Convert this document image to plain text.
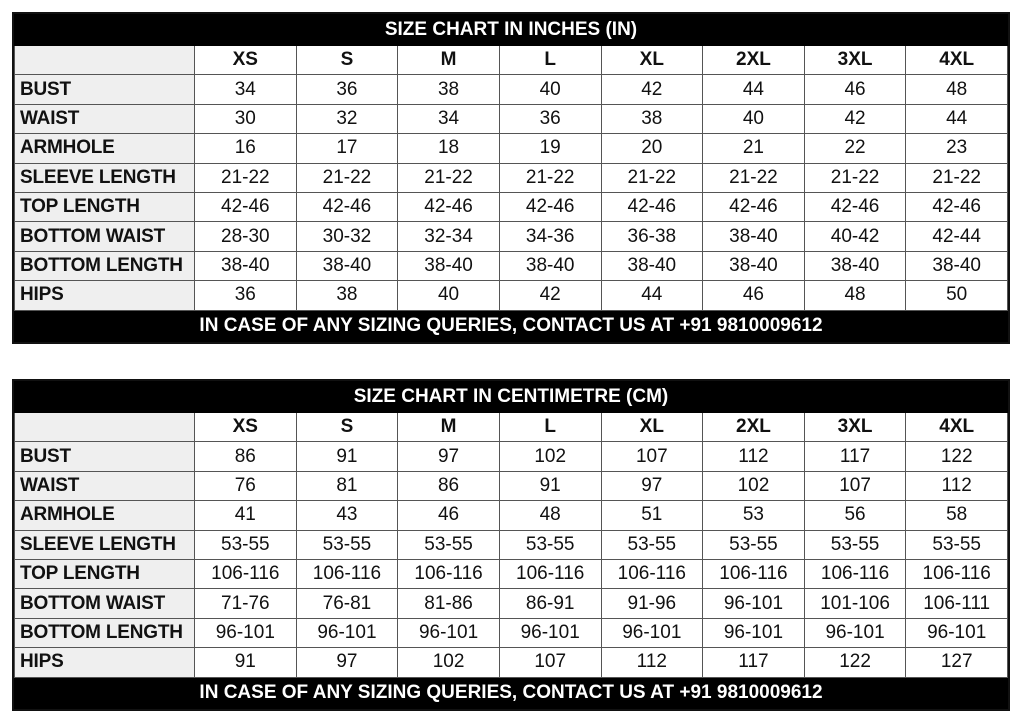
SIZE CHART IN INCHES (IN)								
	XS	S	M	L	XL	2XL	3XL	4XL
BUST	34	36	38	40	42	44	46	48
WAIST	30	32	34	36	38	40	42	44
ARMHOLE	16	17	18	19	20	21	22	23
SLEEVE LENGTH	21-22	21-22	21-22	21-22	21-22	21-22	21-22	21-22
TOP LENGTH	42-46	42-46	42-46	42-46	42-46	42-46	42-46	42-46
BOTTOM WAIST	28-30	30-32	32-34	34-36	36-38	38-40	40-42	42-44
BOTTOM LENGTH	38-40	38-40	38-40	38-40	38-40	38-40	38-40	38-40
HIPS	36	38	40	42	44	46	48	50
IN CASE OF ANY SIZING QUERIES, CONTACT US AT +91 9810009612								
SIZE CHART IN CENTIMETRE (CM)								
	XS	S	M	L	XL	2XL	3XL	4XL
BUST	86	91	97	102	107	112	117	122
WAIST	76	81	86	91	97	102	107	112
ARMHOLE	41	43	46	48	51	53	56	58
SLEEVE LENGTH	53-55	53-55	53-55	53-55	53-55	53-55	53-55	53-55
TOP LENGTH	106-116	106-116	106-116	106-116	106-116	106-116	106-116	106-116
BOTTOM WAIST	71-76	76-81	81-86	86-91	91-96	96-101	101-106	106-111
BOTTOM LENGTH	96-101	96-101	96-101	96-101	96-101	96-101	96-101	96-101
HIPS	91	97	102	107	112	117	122	127
IN CASE OF ANY SIZING QUERIES, CONTACT US AT +91 9810009612								
